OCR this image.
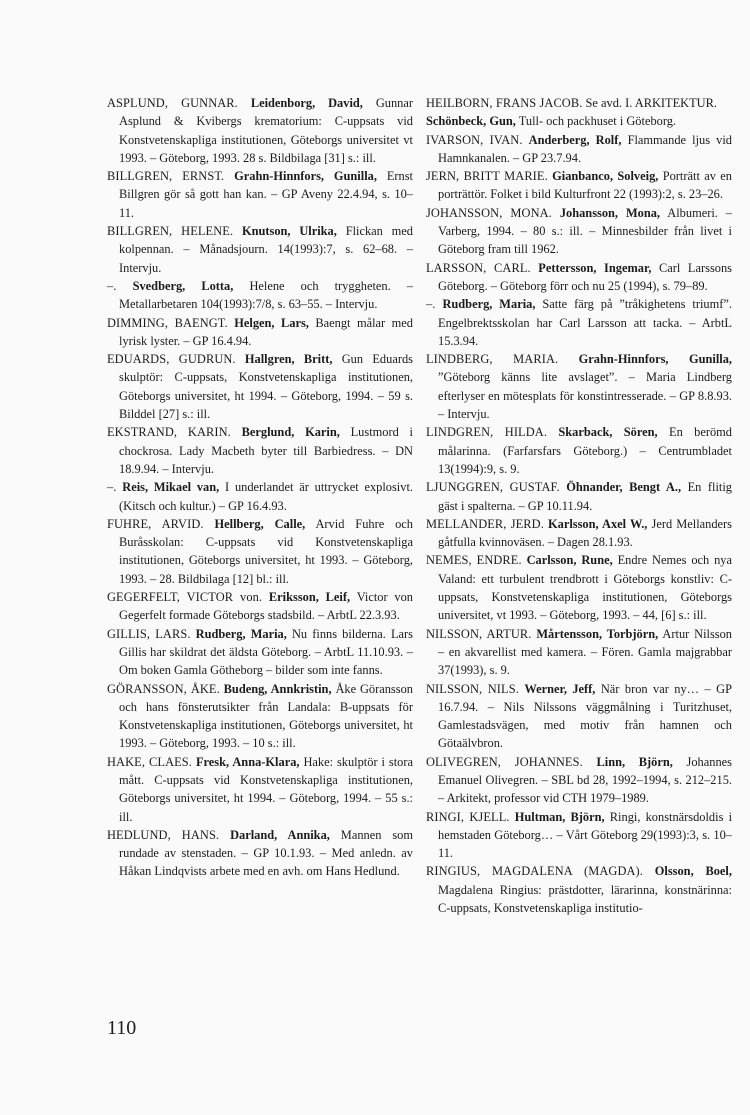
ASPLUND, GUNNAR. Leidenborg, David, Gunnar Asplund & Kvibergs krematorium: C-uppsats vid Konstvetenskapliga institutionen, Göteborgs universitet vt 1993. – Göteborg, 1993. 28 s. Bildbilaga [31] s.: ill.

BILLGREN, ERNST. Grahn-Hinnfors, Gunilla, Ernst Billgren gör så gott han kan. – GP Aveny 22.4.94, s. 10–11.

BILLGREN, HELENE. Knutson, Ulrika, Flickan med kolpennan. – Månadsjourn. 14(1993):7, s. 62–68. – Intervju.

–. Svedberg, Lotta, Helene och tryggheten. – Metallarbetaren 104(1993):7/8, s. 63–55. – Intervju.

DIMMING, BAENGT. Helgen, Lars, Baengt målar med lyrisk lyster. – GP 16.4.94.

EDUARDS, GUDRUN. Hallgren, Britt, Gun Eduards skulptör: C-uppsats, Konstvetenskapliga institutionen, Göteborgs universitet, ht 1994. – Göteborg, 1994. – 59 s. Bilddel [27] s.: ill.

EKSTRAND, KARIN. Berglund, Karin, Lustmord i chockrosa. Lady Macbeth byter till Barbiedress. – DN 18.9.94. – Intervju.

–. Reis, Mikael van, I underlandet är uttrycket explosivt. (Kitsch och kultur.) – GP 16.4.93.

FUHRE, ARVID. Hellberg, Calle, Arvid Fuhre och Buråsskolan: C-uppsats vid Konstvetenskapliga institutionen, Göteborgs universitet, ht 1993. – Göteborg, 1993. – 28. Bildbilaga [12] bl.: ill.

GEGERFELT, VICTOR von. Eriksson, Leif, Victor von Gegerfelt formade Göteborgs stadsbild. – ArbtL 22.3.93.

GILLIS, LARS. Rudberg, Maria, Nu finns bilderna. Lars Gillis har skildrat det äldsta Göteborg. – ArbtL 11.10.93. – Om boken Gamla Götheborg – bilder som inte fanns.

GÖRANSSON, ÅKE. Budeng, Annkristin, Åke Göransson och hans fönsterutsikter från Landala: B-uppsats för Konstvetenskapliga institutionen, Göteborgs universitet, ht 1993. – Göteborg, 1993. – 10 s.: ill.

HAKE, CLAES. Fresk, Anna-Klara, Hake: skulptör i stora mått. C-uppsats vid Konstvetenskapliga institutionen, Göteborgs universitet, ht 1994. – Göteborg, 1994. – 55 s.: ill.

HEDLUND, HANS. Darland, Annika, Mannen som rundade av stenstaden. – GP 10.1.93. – Med anledn. av Håkan Lindqvists arbete med en avh. om Hans Hedlund.

HEILBORN, FRANS JACOB. Se avd. I. ARKITEKTUR.

Schönbeck, Gun, Tull- och packhuset i Göteborg.

IVARSON, IVAN. Anderberg, Rolf, Flammande ljus vid Hamnkanalen. – GP 23.7.94.

JERN, BRITT MARIE. Gianbanco, Solveig, Porträtt av en porträttör. Folket i bild Kulturfront 22 (1993):2, s. 23–26.

JOHANSSON, MONA. Johansson, Mona, Albumeri. – Varberg, 1994. – 80 s.: ill. – Minnesbilder från livet i Göteborg fram till 1962.

LARSSON, CARL. Pettersson, Ingemar, Carl Larssons Göteborg. – Göteborg förr och nu 25 (1994), s. 79–89.

–. Rudberg, Maria, Satte färg på ”tråkighetens triumf”. Engelbrektsskolan har Carl Larsson att tacka. – ArbtL 15.3.94.

LINDBERG, MARIA. Grahn-Hinnfors, Gunilla, ”Göteborg känns lite avslaget”. – Maria Lindberg efterlyser en mötesplats för konstintresserade. – GP 8.8.93. – Intervju.

LINDGREN, HILDA. Skarback, Sören, En berömd målarinna. (Farfarsfars Göteborg.) – Centrumbladet 13(1994):9, s. 9.

LJUNGGREN, GUSTAF. Öhnander, Bengt A., En flitig gäst i spalterna. – GP 10.11.94.

MELLANDER, JERD. Karlsson, Axel W., Jerd Mellanders gåtfulla kvinnoväsen. – Dagen 28.1.93.

NEMES, ENDRE. Carlsson, Rune, Endre Nemes och nya Valand: ett turbulent trendbrott i Göteborgs konstliv: C-uppsats, Konstvetenskapliga institutionen, Göteborgs universitet, vt 1993. – Göteborg, 1993. – 44, [6] s.: ill.

NILSSON, ARTUR. Mårtensson, Torbjörn, Artur Nilsson – en akvarellist med kamera. – Fören. Gamla majgrabbar 37(1993), s. 9.

NILSSON, NILS. Werner, Jeff, När bron var ny… – GP 16.7.94. – Nils Nilssons väggmålning i Turitzhuset, Gamlestadsvägen, med motiv från hamnen och Götaälvbron.

OLIVEGREN, JOHANNES. Linn, Björn, Johannes Emanuel Olivegren. – SBL bd 28, 1992–1994, s. 212–215. – Arkitekt, professor vid CTH 1979–1989.

RINGI, KJELL. Hultman, Björn, Ringi, konstnärsdoldis i hemstaden Göteborg… – Vårt Göteborg 29(1993):3, s. 10–11.

RINGIUS, MAGDALENA (MAGDA). Olsson, Boel, Magdalena Ringius: prästdotter, lärarinna, konstnärinna: C-uppsats, Konstvetenskapliga institutio-

110
